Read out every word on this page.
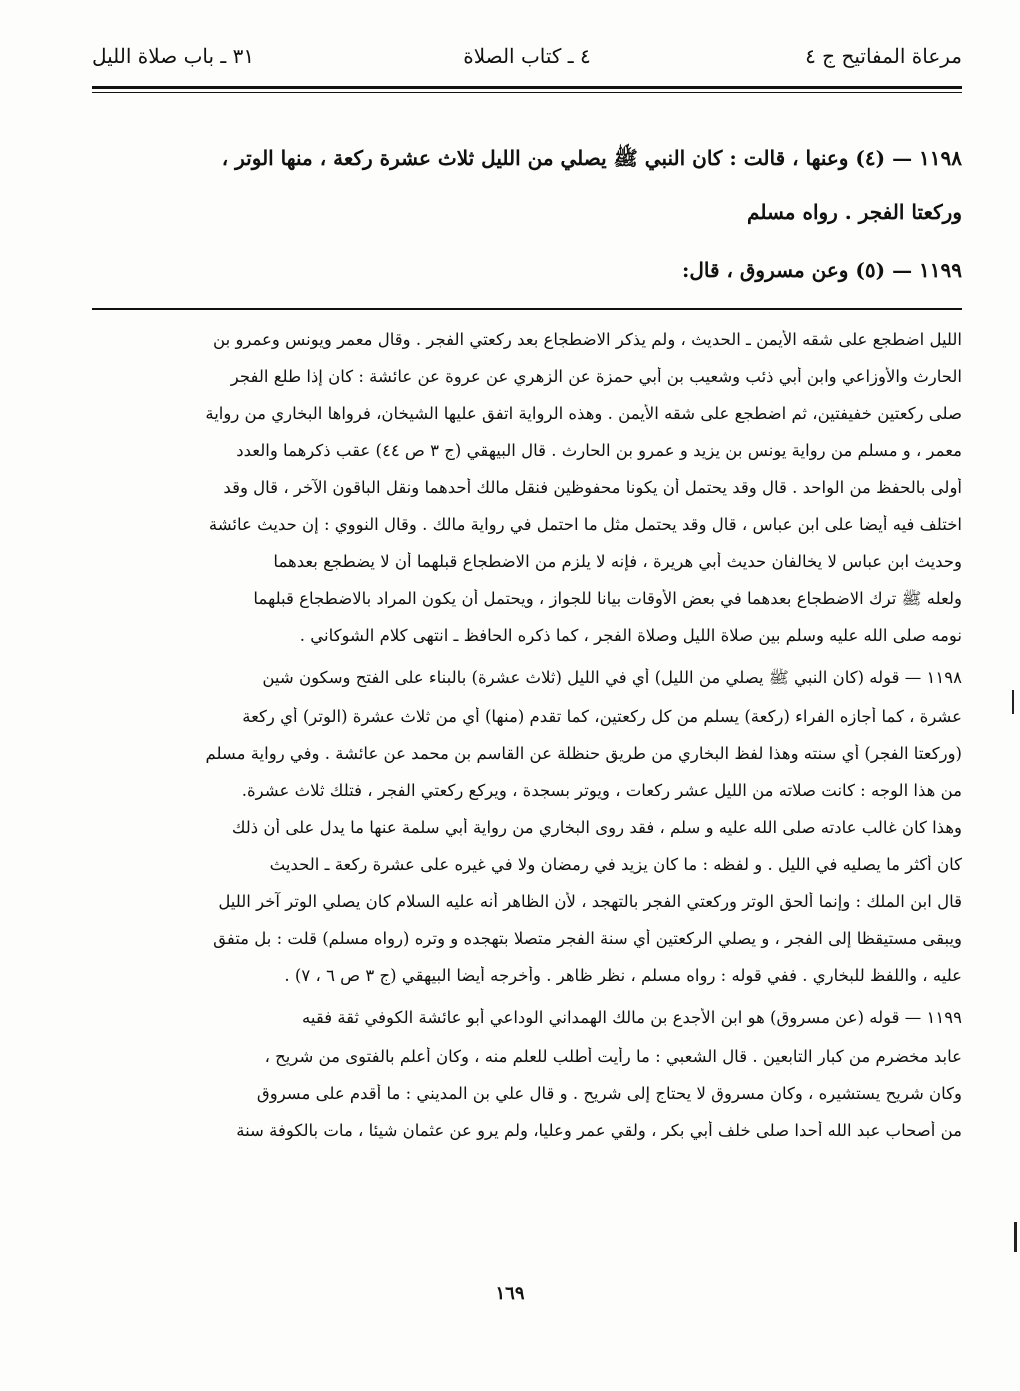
مرعاة المفاتيح ج ٤
٤ ـ كتاب الصلاة
٣١ ـ باب صلاة الليل
١١٩٨ — (٤) وعنها ، قالت : كان النبي ﷺ يصلي من الليل ثلاث عشرة ركعة ، منها الوتر ،
وركعتا الفجر . رواه مسلم
١١٩٩ — (٥) وعن مسروق ، قال:
الليل اضطجع على شقه الأيمن ـ الحديث ، ولم يذكر الاضطجاع بعد ركعتي الفجر . وقال معمر ويونس وعمرو بن
الحارث والأوزاعي وابن أبي ذئب وشعيب بن أبي حمزة عن الزهري عن عروة عن عائشة : كان إذا طلع الفجر
صلى ركعتين خفيفتين، ثم اضطجع على شقه الأيمن . وهذه الرواية اتفق عليها الشيخان، فرواها البخاري من رواية
معمر ، و مسلم من رواية يونس بن يزيد و عمرو بن الحارث . قال البيهقي (ج ٣ ص ٤٤) عقب ذكرهما والعدد
أولى بالحفظ من الواحد . قال وقد يحتمل أن يكونا محفوظين فنقل مالك أحدهما ونقل الباقون الآخر ، قال وقد
اختلف فيه أيضا على ابن عباس ، قال وقد يحتمل مثل ما احتمل في رواية مالك . وقال النووي : إن حديث عائشة
وحديث ابن عباس لا يخالفان حديث أبي هريرة ، فإنه لا يلزم من الاضطجاع قبلهما أن لا يضطجع بعدهما
ولعله ﷺ ترك الاضطجاع بعدهما في بعض الأوقات بيانا للجواز ، ويحتمل أن يكون المراد بالاضطجاع قبلهما
نومه صلى الله عليه وسلم بين صلاة الليل وصلاة الفجر ، كما ذكره الحافظ ـ انتهى كلام الشوكاني .
١١٩٨ — قوله (كان النبي ﷺ يصلي من الليل) أي في الليل (ثلاث عشرة) بالبناء على الفتح وسكون شين
عشرة ، كما أجازه الفراء (ركعة) يسلم من كل ركعتين، كما تقدم (منها) أي من ثلاث عشرة (الوتر) أي ركعة
(وركعتا الفجر) أي سنته وهذا لفظ البخاري من طريق حنظلة عن القاسم بن محمد عن عائشة . وفي رواية مسلم
من هذا الوجه : كانت صلاته من الليل عشر ركعات ، ويوتر بسجدة ، ويركع ركعتي الفجر ، فتلك ثلاث عشرة.
وهذا كان غالب عادته صلى الله عليه و سلم ، فقد روى البخاري من رواية أبي سلمة عنها ما يدل على أن ذلك
كان أكثر ما يصليه في الليل . و لفظه : ما كان يزيد في رمضان ولا في غيره على عشرة ركعة ـ الحديث
قال ابن الملك : وإنما ألحق الوتر وركعتي الفجر بالتهجد ، لأن الظاهر أنه عليه السلام كان يصلي الوتر آخر الليل
ويبقى مستيقظا إلى الفجر ، و يصلي الركعتين أي سنة الفجر متصلا بتهجده و وتره (رواه مسلم) قلت : بل متفق
عليه ، واللفظ للبخاري . ففي قوله : رواه مسلم ، نظر ظاهر . وأخرجه أيضا البيهقي (ج ٣ ص ٦ ، ٧) .
١١٩٩ — قوله (عن مسروق) هو ابن الأجدع بن مالك الهمداني الوداعي أبو عائشة الكوفي ثقة فقيه
عابد مخضرم من كبار التابعين . قال الشعبي : ما رأيت أطلب للعلم منه ، وكان أعلم بالفتوى من شريح ،
وكان شريح يستشيره ، وكان مسروق لا يحتاج إلى شريح . و قال علي بن المديني : ما أقدم على مسروق
من أصحاب عبد الله أحدا صلى خلف أبي بكر ، ولقي عمر وعليا، ولم يرو عن عثمان شيئا ، مات بالكوفة سنة
١٦٩
